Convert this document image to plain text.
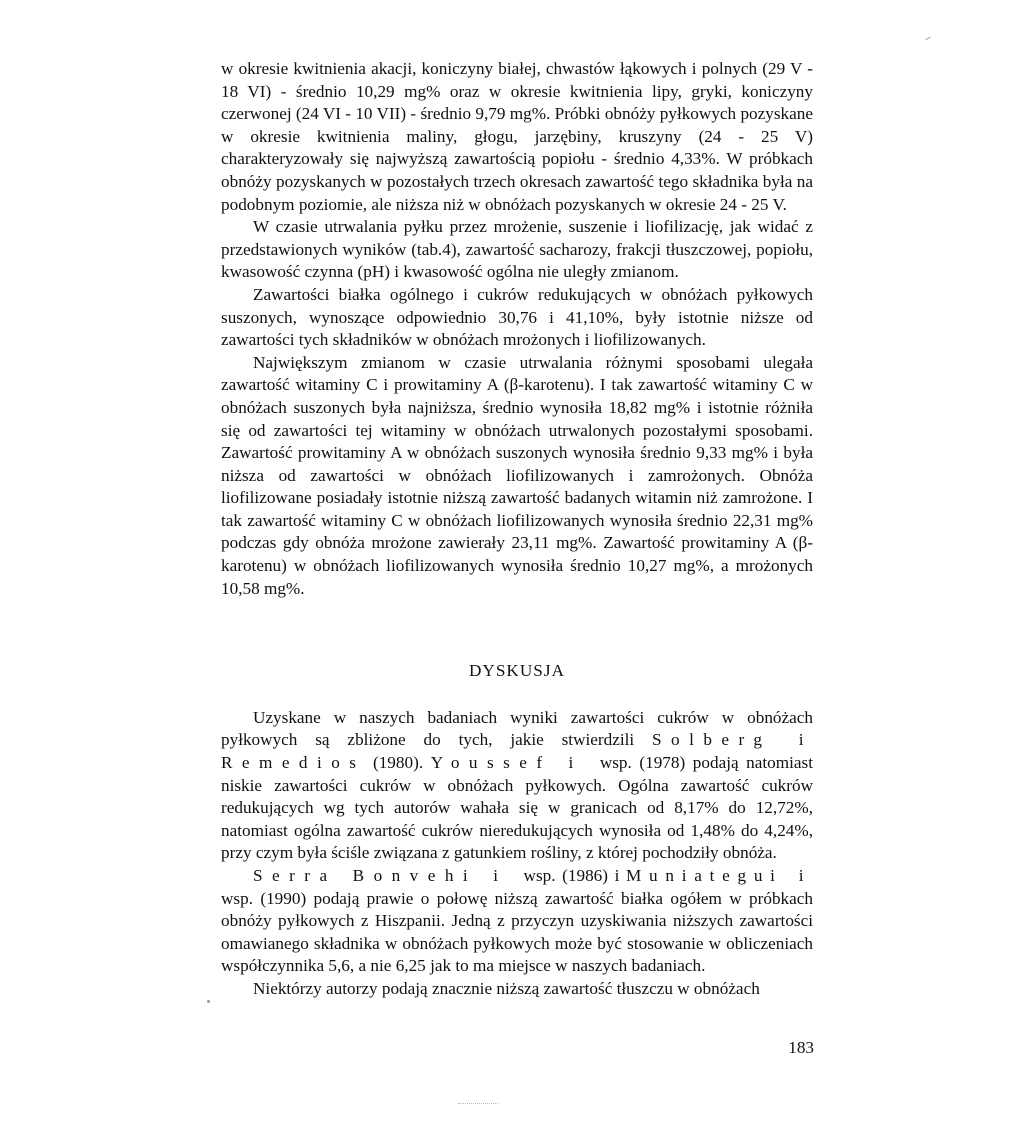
w okresie kwitnienia akacji, koniczyny białej, chwastów łąkowych i polnych (29 V - 18 VI) - średnio 10,29 mg% oraz w okresie kwitnienia lipy, gryki, koniczyny czerwonej (24 VI - 10 VII) - średnio 9,79 mg%. Próbki obnóży pyłkowych pozyskane w okresie kwitnienia maliny, głogu, jarzębiny, kruszyny (24 - 25 V) charakteryzowały się najwyższą zawartością popiołu - średnio 4,33%. W próbkach obnóży pozyskanych w pozostałych trzech okresach zawartość tego składnika była na podobnym poziomie, ale niższa niż w obnóżach pozyskanych w okresie 24 - 25 V.

W czasie utrwalania pyłku przez mrożenie, suszenie i liofilizację, jak widać z przedstawionych wyników (tab.4), zawartość sacharozy, frakcji tłuszczowej, popiołu, kwasowość czynna (pH) i kwasowość ogólna nie uległy zmianom.

Zawartości białka ogólnego i cukrów redukujących w obnóżach pyłkowych suszonych, wynoszące odpowiednio 30,76 i 41,10%, były istotnie niższe od zawartości tych składników w obnóżach mrożonych i liofilizowanych.

Największym zmianom w czasie utrwalania różnymi sposobami ulegała zawartość witaminy C i prowitaminy A (β-karotenu). I tak zawartość witaminy C w obnóżach suszonych była najniższa, średnio wynosiła 18,82 mg% i istotnie różniła się od zawartości tej witaminy w obnóżach utrwalonych pozostałymi sposobami. Zawartość prowitaminy A w obnóżach suszonych wynosiła średnio 9,33 mg% i była niższa od zawartości w obnóżach liofilizowanych i zamrożonych. Obnóża liofilizowane posiadały istotnie niższą zawartość badanych witamin niż zamrożone. I tak zawartość witaminy C w obnóżach liofilizowanych wynosiła średnio 22,31 mg% podczas gdy obnóża mrożone zawierały 23,11 mg%. Zawartość prowitaminy A (β-karotenu) w obnóżach liofilizowanych wynosiła średnio 10,27 mg%, a mrożonych 10,58 mg%.

DYSKUSJA

Uzyskane w naszych badaniach wyniki zawartości cukrów w obnóżach pyłkowych są zbliżone do tych, jakie stwierdzili Solberg i Remedios (1980). Youssef i wsp. (1978) podają natomiast niskie zawartości cukrów w obnóżach pyłkowych. Ogólna zawartość cukrów redukujących wg tych autorów wahała się w granicach od 8,17% do 12,72%, natomiast ogólna zawartość cukrów nieredukujących wynosiła od 1,48% do 4,24%, przy czym była ściśle związana z gatunkiem rośliny, z której pochodziły obnóża.

Serra Bonvehi i wsp. (1986) i Muniategui i wsp. (1990) podają prawie o połowę niższą zawartość białka ogółem w próbkach obnóży pyłkowych z Hiszpanii. Jedną z przyczyn uzyskiwania niższych zawartości omawianego składnika w obnóżach pyłkowych może być stosowanie w obliczeniach współczynnika 5,6, a nie 6,25 jak to ma miejsce w naszych badaniach.

Niektórzy autorzy podają znacznie niższą zawartość tłuszczu w obnóżach

183
